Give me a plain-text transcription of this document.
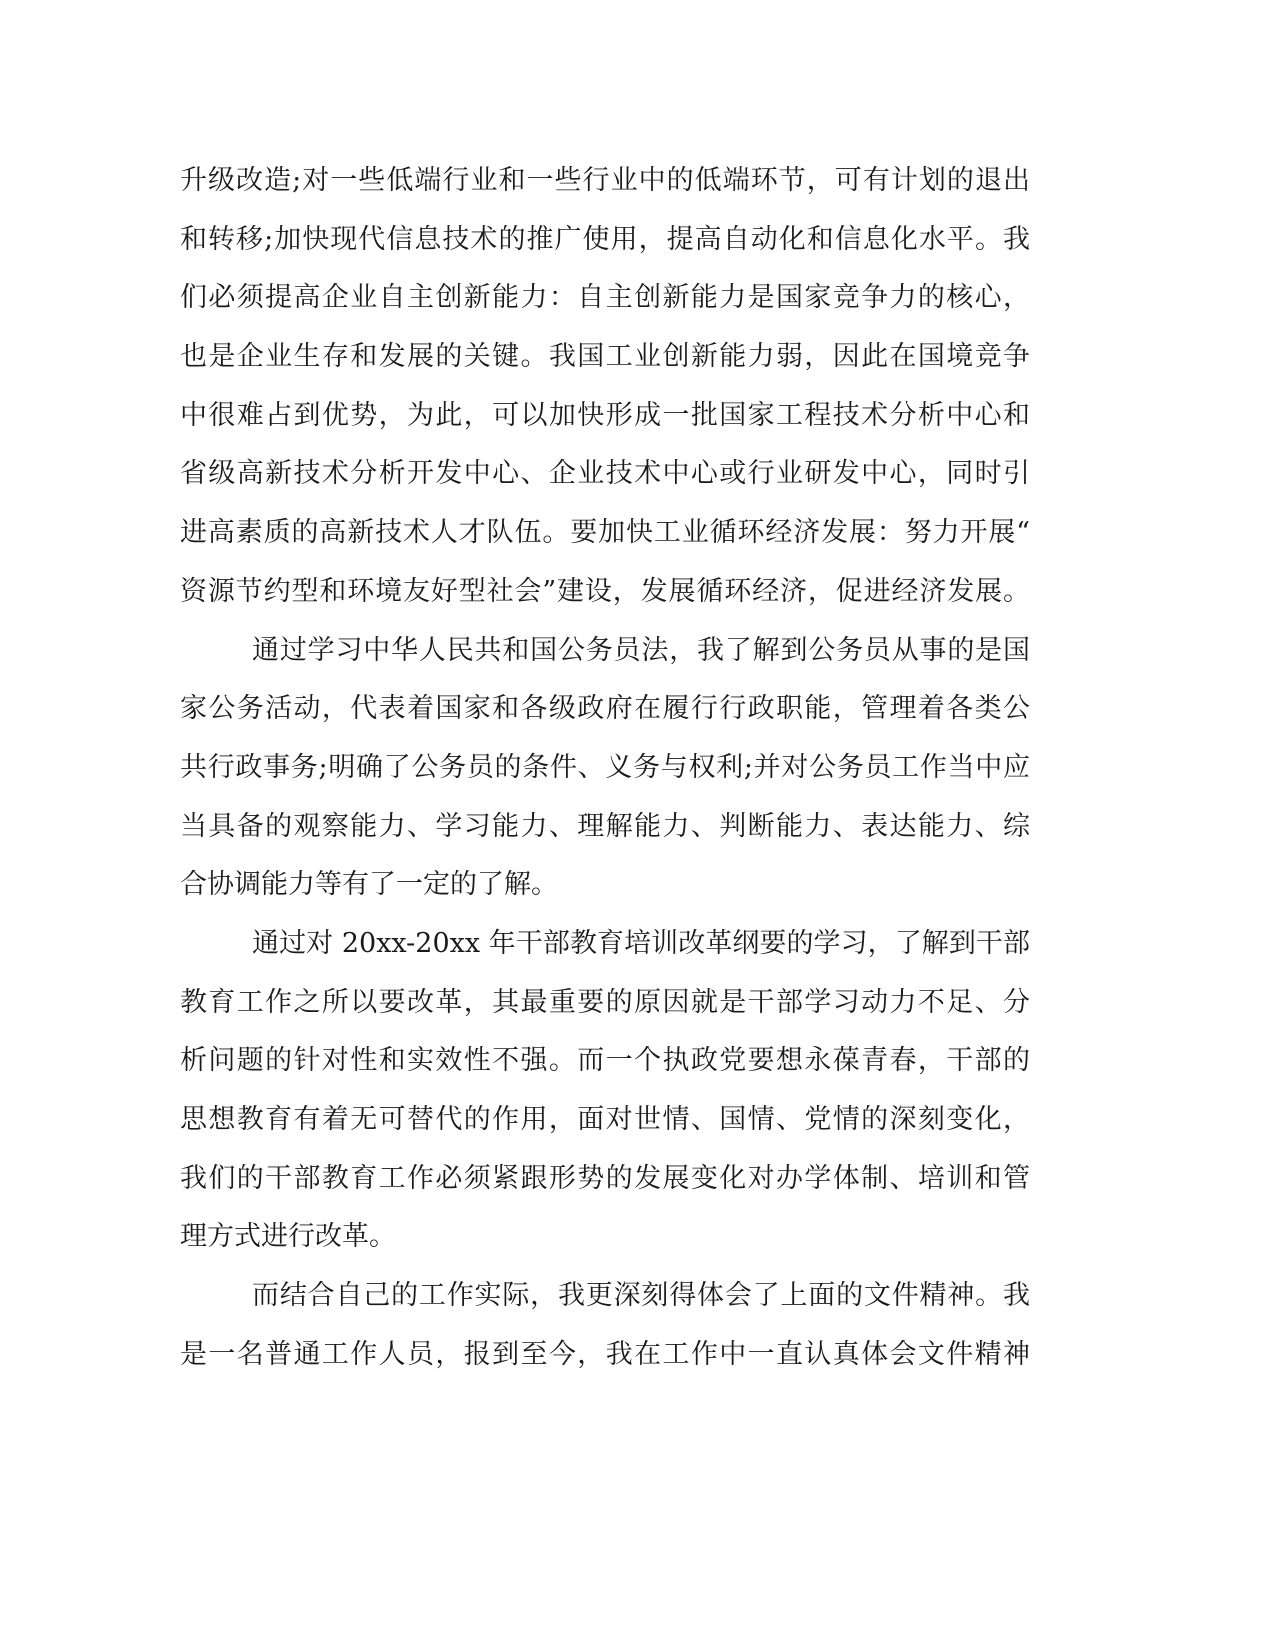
升级改造;对一些低端行业和一些行业中的低端环节，可有计划的退出
和转移;加快现代信息技术的推广使用，提高自动化和信息化水平。我
们必须提高企业自主创新能力：自主创新能力是国家竞争力的核心，
也是企业生存和发展的关键。我国工业创新能力弱，因此在国境竞争
中很难占到优势，为此，可以加快形成一批国家工程技术分析中心和
省级高新技术分析开发中心、企业技术中心或行业研发中心，同时引
进高素质的高新技术人才队伍。要加快工业循环经济发展：努力开展“
资源节约型和环境友好型社会”建设，发展循环经济，促进经济发展。
通过学习中华人民共和国公务员法，我了解到公务员从事的是国
家公务活动，代表着国家和各级政府在履行行政职能，管理着各类公
共行政事务;明确了公务员的条件、义务与权利;并对公务员工作当中应
当具备的观察能力、学习能力、理解能力、判断能力、表达能力、综
合协调能力等有了一定的了解。
通过对 20xx-20xx 年干部教育培训改革纲要的学习，了解到干部
教育工作之所以要改革，其最重要的原因就是干部学习动力不足、分
析问题的针对性和实效性不强。而一个执政党要想永葆青春，干部的
思想教育有着无可替代的作用，面对世情、国情、党情的深刻变化，
我们的干部教育工作必须紧跟形势的发展变化对办学体制、培训和管
理方式进行改革。
而结合自己的工作实际，我更深刻得体会了上面的文件精神。我
是一名普通工作人员，报到至今，我在工作中一直认真体会文件精神
